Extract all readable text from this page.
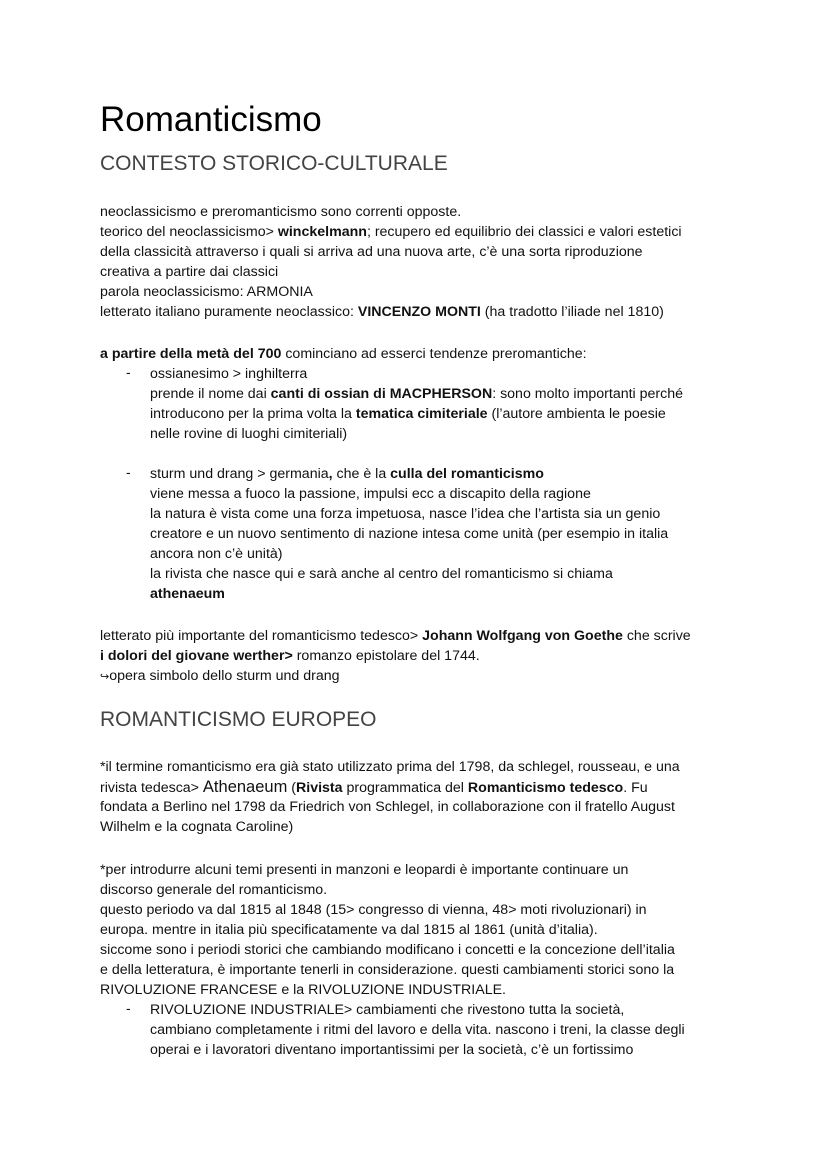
Romanticismo
CONTESTO STORICO-CULTURALE
neoclassicismo e preromanticismo sono correnti opposte.
teorico del neoclassicismo> winckelmann; recupero ed equilibrio dei classici e valori estetici
della classicità attraverso i quali si arriva ad una nuova arte, c’è una sorta riproduzione
creativa a partire dai classici
parola neoclassicismo: ARMONIA
letterato italiano puramente neoclassico: VINCENZO MONTI (ha tradotto l’iliade nel 1810)
a partire della metà del 700 cominciano ad esserci tendenze preromantiche:
- ossianesimo > inghilterra
prende il nome dai canti di ossian di MACPHERSON: sono molto importanti perché
introducono per la prima volta la tematica cimiteriale (l’autore ambienta le poesie
nelle rovine di luoghi cimiteriali)
- sturm und drang > germania, che è la culla del romanticismo
viene messa a fuoco la passione, impulsi ecc a discapito della ragione
la natura è vista come una forza impetuosa, nasce l’idea che l’artista sia un genio
creatore e un nuovo sentimento di nazione intesa come unità (per esempio in italia
ancora non c’è unità)
la rivista che nasce qui e sarà anche al centro del romanticismo si chiama
athenaeum
letterato più importante del romanticismo tedesco> Johann Wolfgang von Goethe che scrive
i dolori del giovane werther> romanzo epistolare del 1744.
↪opera simbolo dello sturm und drang
ROMANTICISMO EUROPEO
*il termine romanticismo era già stato utilizzato prima del 1798, da schlegel, rousseau, e una
rivista tedesca> Athenaeum (Rivista programmatica del Romanticismo tedesco. Fu
fondata a Berlino nel 1798 da Friedrich von Schlegel, in collaborazione con il fratello August
Wilhelm e la cognata Caroline)
*per introdurre alcuni temi presenti in manzoni e leopardi è importante continuare un
discorso generale del romanticismo.
questo periodo va dal 1815 al 1848 (15> congresso di vienna, 48> moti rivoluzionari) in
europa. mentre in italia più specificatamente va dal 1815 al 1861 (unità d’italia).
siccome sono i periodi storici che cambiando modificano i concetti e la concezione dell’italia
e della letteratura, è importante tenerli in considerazione. questi cambiamenti storici sono la
RIVOLUZIONE FRANCESE e la RIVOLUZIONE INDUSTRIALE.
- RIVOLUZIONE INDUSTRIALE> cambiamenti che rivestono tutta la società,
cambiano completamente i ritmi del lavoro e della vita. nascono i treni, la classe degli
operai e i lavoratori diventano importantissimi per la società, c’è un fortissimo
